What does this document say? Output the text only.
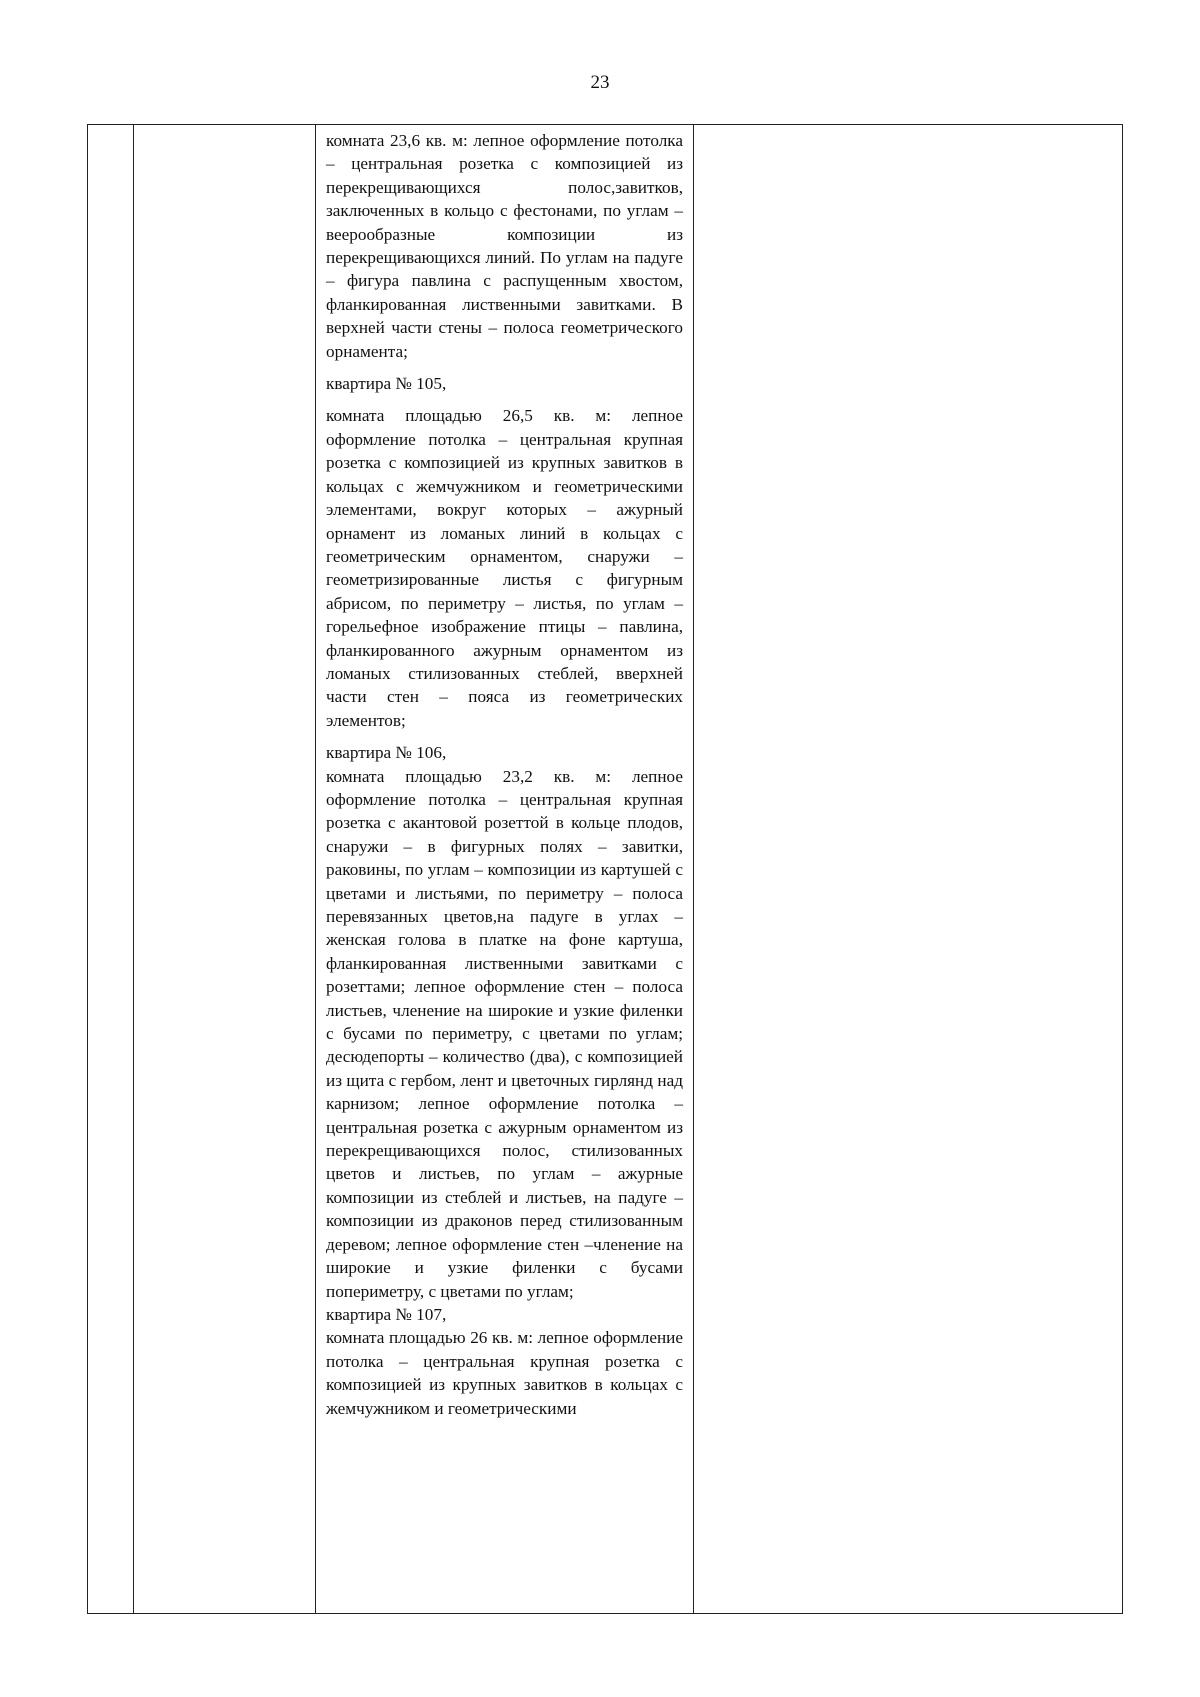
23

комната 23,6 кв. м: лепное оформление потолка – центральная розетка с композицией из перекрещивающихся полос,завитков, заключенных в кольцо с фестонами, по углам – веерообразные композиции из перекрещивающихся линий. По углам на падуге – фигура павлина с распущенным хвостом, фланкированная лиственными завитками. В верхней части стены – полоса геометрического орнамента;

квартира № 105,

комната площадью 26,5 кв. м: лепное оформление потолка – центральная крупная розетка с композицией из крупных завитков в кольцах с жемчужником и геометрическими элементами, вокруг которых – ажурный орнамент из ломаных линий в кольцах с геометрическим орнаментом, снаружи – геометризированные листья с фигурным абрисом, по периметру – листья, по углам – горельефное изображение птицы – павлина, фланкированного ажурным орнаментом из ломаных стилизованных стеблей, вверхней части стен – пояса из геометрических элементов;

квартира № 106,

комната площадью 23,2 кв. м: лепное оформление потолка – центральная крупная розетка с акантовой розеттой в кольце плодов, снаружи – в фигурных полях – завитки, раковины, по углам – композиции из картушей с цветами и листьями, по периметру – полоса перевязанных цветов,на падуге в углах – женская голова в платке на фоне картуша, фланкированная лиственными завитками с розеттами; лепное оформление стен – полоса листьев, членение на широкие и узкие филенки с бусами по периметру, с цветами по углам; десюдепорты – количество (два), с композицией из щита с гербом, лент и цветочных гирлянд над карнизом; лепное оформление потолка – центральная розетка с ажурным орнаментом из перекрещивающихся полос, стилизованных цветов и листьев, по углам – ажурные композиции из стеблей и листьев, на падуге – композиции из драконов перед стилизованным деревом; лепное оформление стен –членение на широкие и узкие филенки с бусами поперимeтру, с цветами по углам;

квартира № 107,

комната площадью 26 кв. м: лепное оформление потолка – центральная крупная розетка с композицией из крупных завитков в кольцах с жемчужником и геометрическими
